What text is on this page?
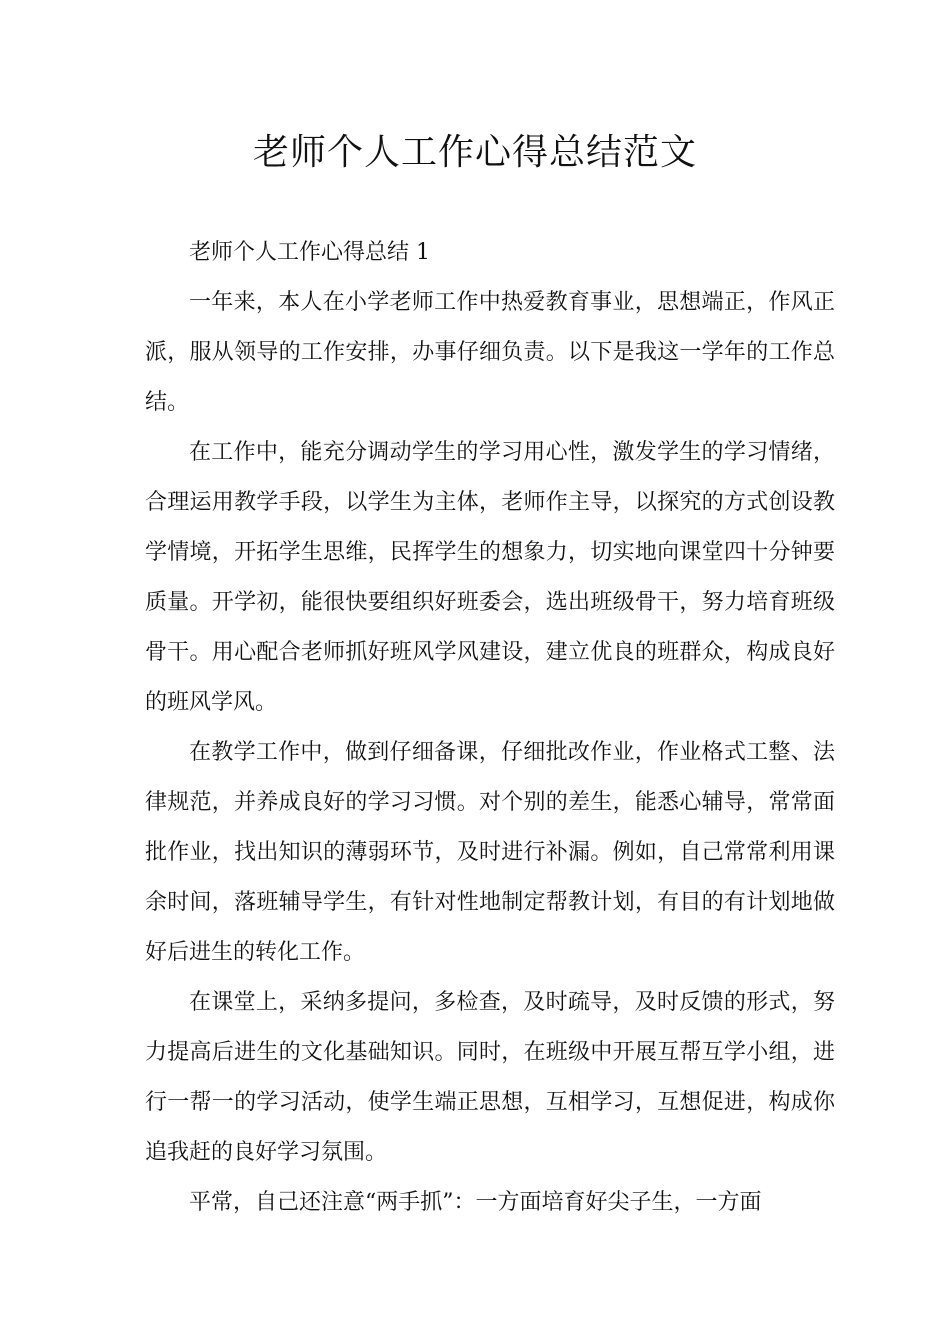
老师个人工作心得总结范文

老师个人工作心得总结 1

一年来，本人在小学老师工作中热爱教育事业，思想端正，作风正派，服从领导的工作安排，办事仔细负责。以下是我这一学年的工作总结。

在工作中，能充分调动学生的学习用心性，激发学生的学习情绪，合理运用教学手段，以学生为主体，老师作主导，以探究的方式创设教学情境，开拓学生思维，民挥学生的想象力，切实地向课堂四十分钟要质量。开学初，能很快要组织好班委会，选出班级骨干，努力培育班级骨干。用心配合老师抓好班风学风建设，建立优良的班群众，构成良好的班风学风。

在教学工作中，做到仔细备课，仔细批改作业，作业格式工整、法律规范，并养成良好的学习习惯。对个别的差生，能悉心辅导，常常面批作业，找出知识的薄弱环节，及时进行补漏。例如，自己常常利用课余时间，落班辅导学生，有针对性地制定帮教计划，有目的有计划地做好后进生的转化工作。

在课堂上，采纳多提问，多检查，及时疏导，及时反馈的形式，努力提高后进生的文化基础知识。同时，在班级中开展互帮互学小组，进行一帮一的学习活动，使学生端正思想，互相学习，互想促进，构成你追我赶的良好学习氛围。

平常，自己还注意“两手抓”：一方面培育好尖子生，一方面
